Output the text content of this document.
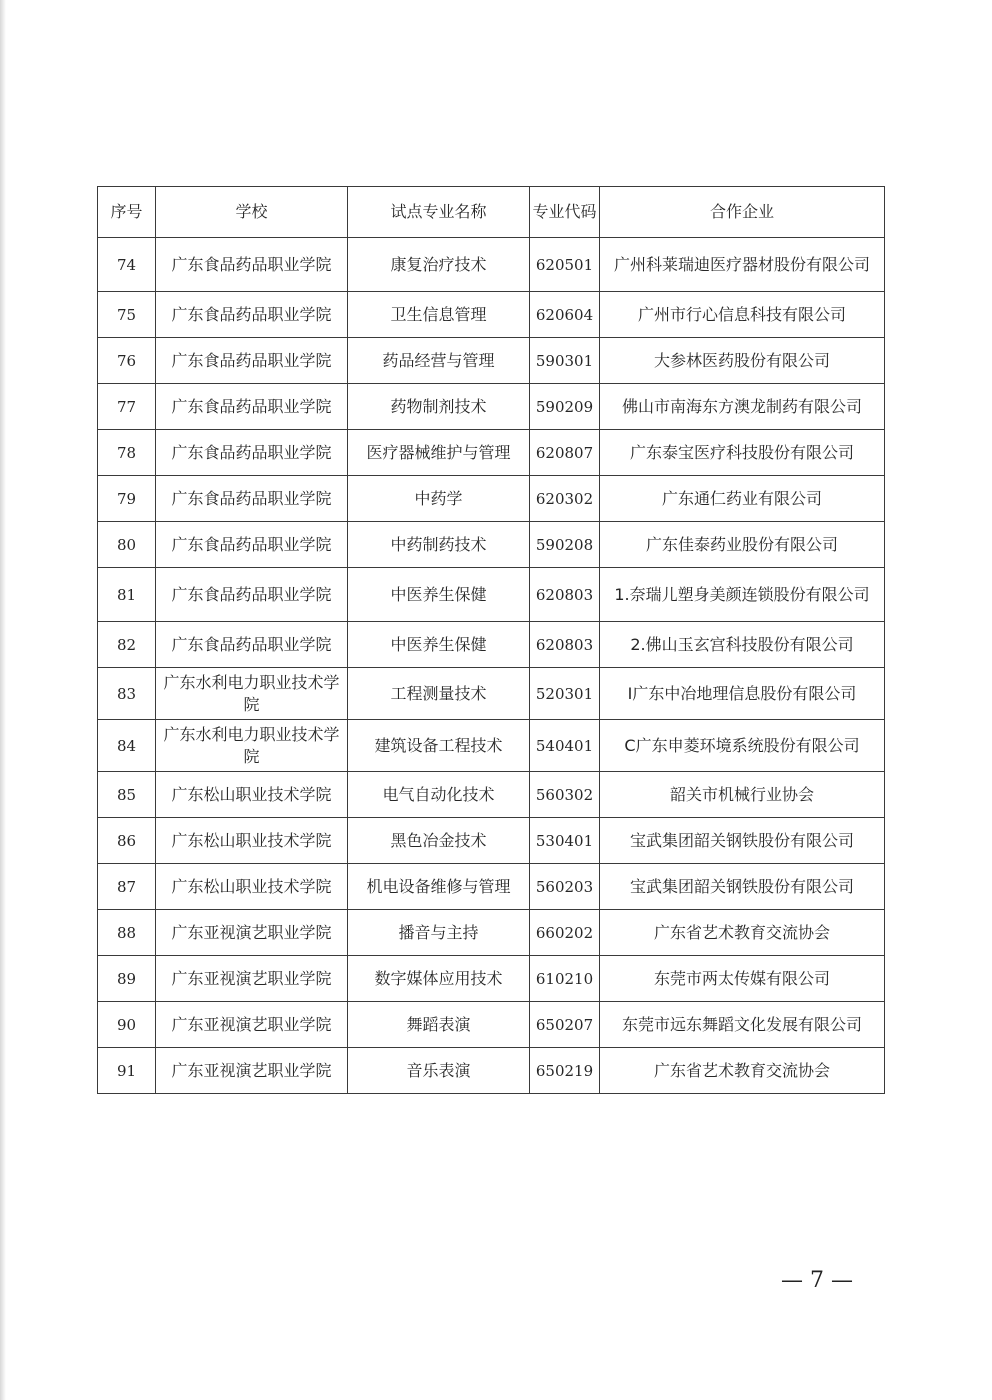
序号	学校	试点专业名称	专业代码	合作企业
74	广东食品药品职业学院	康复治疗技术	620501	广州科莱瑞迪医疗器材股份有限公司
75	广东食品药品职业学院	卫生信息管理	620604	广州市行心信息科技有限公司
76	广东食品药品职业学院	药品经营与管理	590301	大参林医药股份有限公司
77	广东食品药品职业学院	药物制剂技术	590209	佛山市南海东方澳龙制药有限公司
78	广东食品药品职业学院	医疗器械维护与管理	620807	广东泰宝医疗科技股份有限公司
79	广东食品药品职业学院	中药学	620302	广东通仁药业有限公司
80	广东食品药品职业学院	中药制药技术	590208	广东佳泰药业股份有限公司
81	广东食品药品职业学院	中医养生保健	620803	1.奈瑞儿塑身美颜连锁股份有限公司
82	广东食品药品职业学院	中医养生保健	620803	2.佛山玉玄宫科技股份有限公司
83	广东水利电力职业技术学院	工程测量技术	520301	I广东中冶地理信息股份有限公司
84	广东水利电力职业技术学院	建筑设备工程技术	540401	C广东申菱环境系统股份有限公司
85	广东松山职业技术学院	电气自动化技术	560302	韶关市机械行业协会
86	广东松山职业技术学院	黑色冶金技术	530401	宝武集团韶关钢铁股份有限公司
87	广东松山职业技术学院	机电设备维修与管理	560203	宝武集团韶关钢铁股份有限公司
88	广东亚视演艺职业学院	播音与主持	660202	广东省艺术教育交流协会
89	广东亚视演艺职业学院	数字媒体应用技术	610210	东莞市两太传媒有限公司
90	广东亚视演艺职业学院	舞蹈表演	650207	东莞市远东舞蹈文化发展有限公司
91	广东亚视演艺职业学院	音乐表演	650219	广东省艺术教育交流协会
— 7 —
